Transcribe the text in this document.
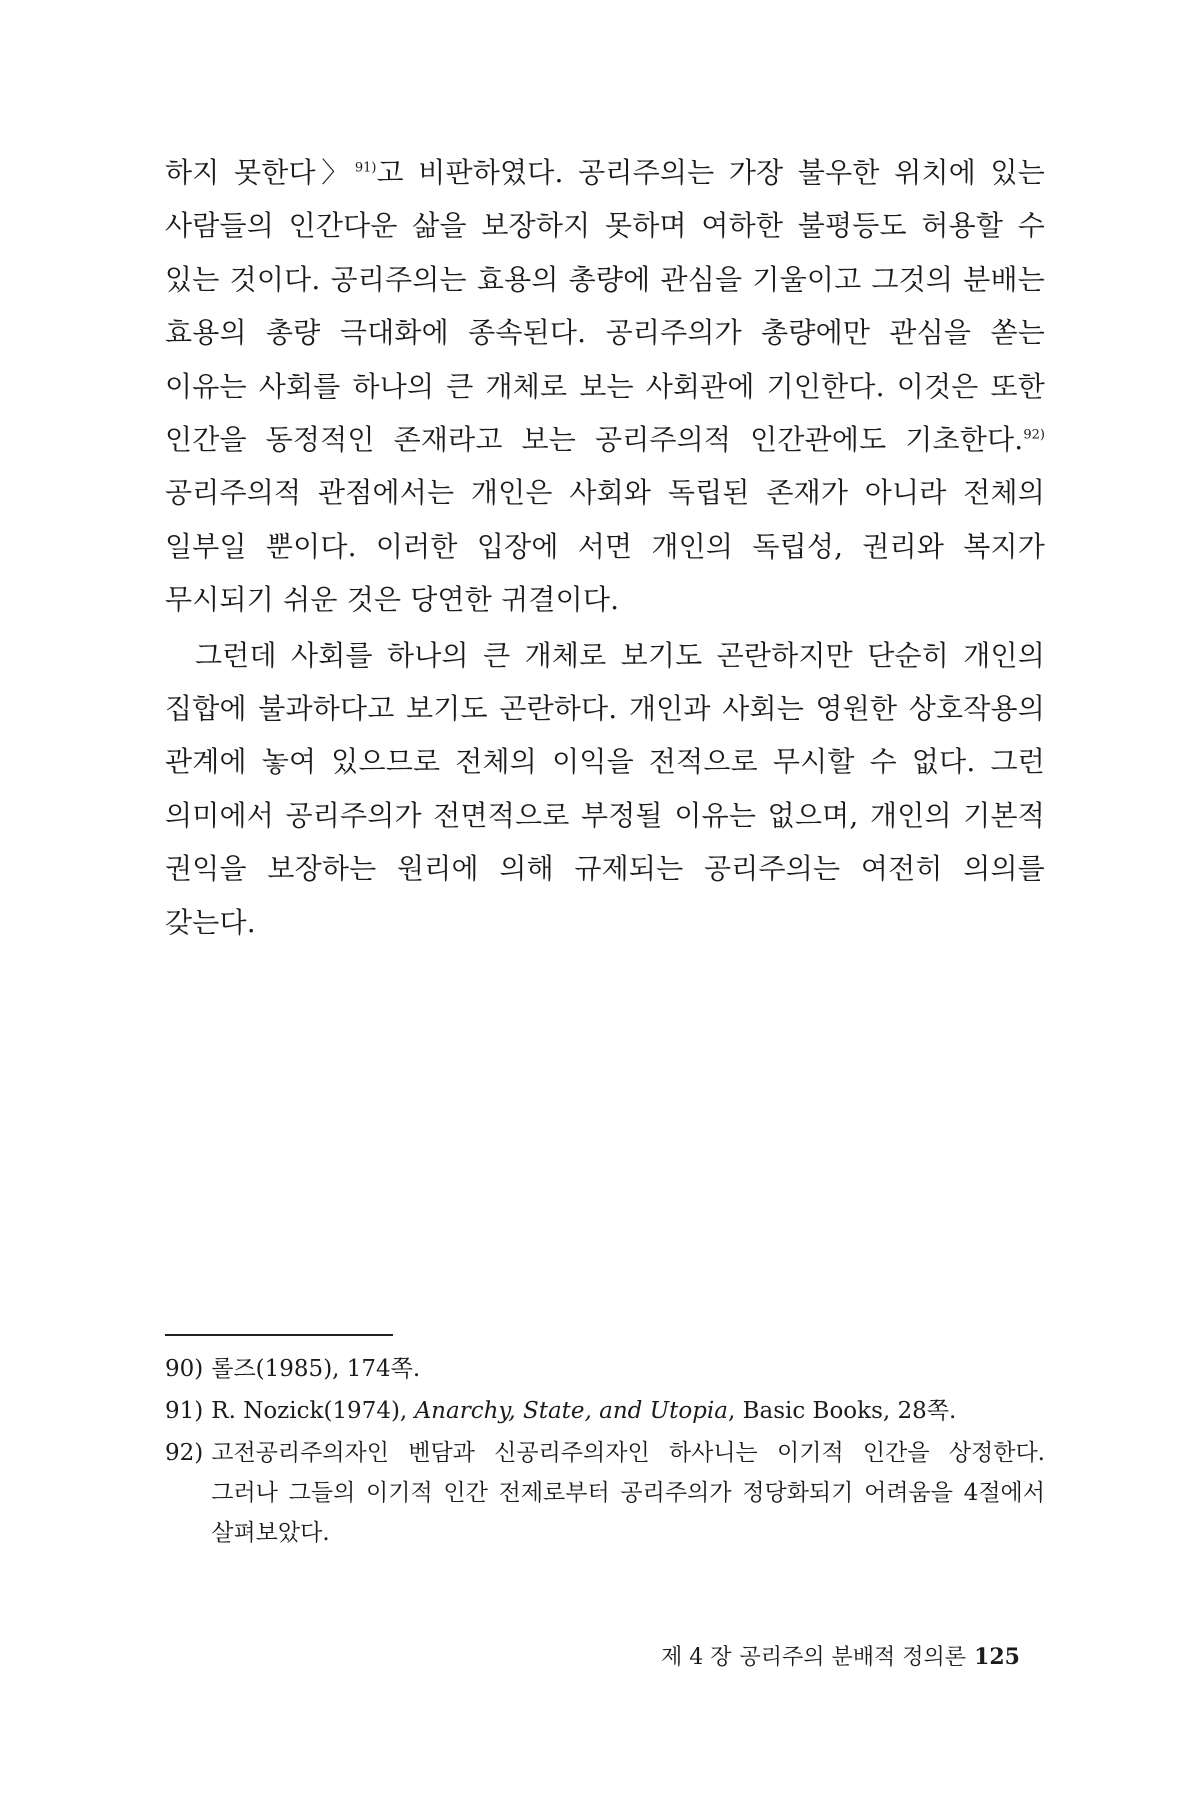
하지 못한다〉$^{91)}$고 비판하였다. 공리주의는 가장 불우한 위치에 있는 사람들의 인간다운 삶을 보장하지 못하며 여하한 불평등도 허용할 수 있는 것이다. 공리주의는 효용의 총량에 관심을 기울이고 그것의 분배는 효용의 총량 극대화에 종속된다. 공리주의가 총량에만 관심을 쏟는 이유는 사회를 하나의 큰 개체로 보는 사회관에 기인한다. 이것은 또한 인간을 동정적인 존재라고 보는 공리주의적 인간관에도 기초한다.$^{92)}$ 공리주의적 관점에서는 개인은 사회와 독립된 존재가 아니라 전체의 일부일 뿐이다. 이러한 입장에 서면 개인의 독립성, 권리와 복지가 무시되기 쉬운 것은 당연한 귀결이다.

그런데 사회를 하나의 큰 개체로 보기도 곤란하지만 단순히 개인의 집합에 불과하다고 보기도 곤란하다. 개인과 사회는 영원한 상호작용의 관계에 놓여 있으므로 전체의 이익을 전적으로 무시할 수 없다. 그런 의미에서 공리주의가 전면적으로 부정될 이유는 없으며, 개인의 기본적 권익을 보장하는 원리에 의해 규제되는 공리주의는 여전히 의의를 갖는다.

90) 롤즈(1985), 174쪽.
91) R. Nozick(1974), Anarchy, State, and Utopia, Basic Books, 28쪽.
92) 고전공리주의자인 벤담과 신공리주의자인 하사니는 이기적 인간을 상정한다. 그러나 그들의 이기적 인간 전제로부터 공리주의가 정당화되기 어려움을 4절에서 살펴보았다.
제 4 장 공리주의 분배적 정의론 125
